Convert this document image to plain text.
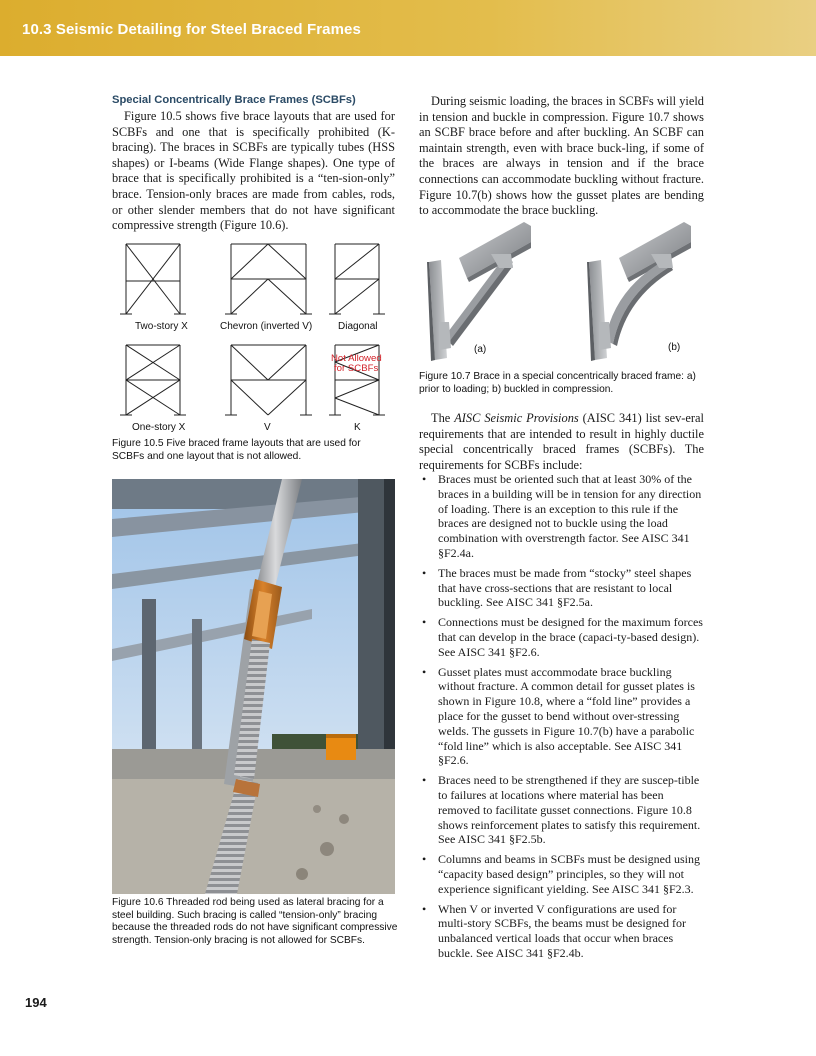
10.3 Seismic Detailing for Steel Braced Frames
Special Concentrically Brace Frames (SCBFs)

Figure 10.5 shows five brace layouts that are used for SCBFs and one that is specifically prohibited (K-bracing). The braces in SCBFs are typically tubes (HSS shapes) or I-beams (Wide Flange shapes). One type of brace that is specifically prohibited is a “ten-sion-only” brace. Tension-only braces are made from cables, rods, or other slender members that do not have significant compressive strength (Figure 10.6).

Two-story X	Chevron (inverted V)	Diagonal
One-story X	V	K
Not Allowed
for SCBFs
Figure 10.5 Five braced frame layouts that are used for SCBFs and one layout that is not allowed.
Figure 10.6 Threaded rod being used as lateral bracing for a steel building. Such bracing is called “tension-only” bracing because the threaded rods do not have significant compressive strength. Tension-only bracing is not allowed for SCBFs.

During seismic loading, the braces in SCBFs will yield in tension and buckle in compression. Figure 10.7 shows an SCBF brace before and after buckling. An SCBF can maintain strength, even with brace buck-ling, if some of the braces are always in tension and if the brace connections can accommodate buckling without fracture. Figure 10.7(b) shows how the gusset plates are bending to accommodate the brace buckling.

(a)	(b)
Figure 10.7 Brace in a special concentrically braced frame: a) prior to loading; b) buckled in compression.

The AISC Seismic Provisions (AISC 341) list sev-eral requirements that are intended to result in highly ductile special concentrically braced frames (SCBFs). The requirements for SCBFs include:

• Braces must be oriented such that at least 30% of the braces in a building will be in tension for any direction of loading. There is an exception to this rule if the braces are designed not to buckle using the load combination with overstrength factor. See AISC 341 §F2.4a.
• The braces must be made from “stocky” steel shapes that have cross-sections that are resistant to local buckling. See AISC 341 §F2.5a.
• Connections must be designed for the maximum forces that can develop in the brace (capaci-ty-based design). See AISC 341 §F2.6.
• Gusset plates must accommodate brace buckling without fracture. A common detail for gusset plates is shown in Figure 10.8, where a “fold line” provides a place for the gusset to bend without over-stressing welds. The gussets in Figure 10.7(b) have a parabolic “fold line” which is also acceptable. See AISC 341 §F2.6.
• Braces need to be strengthened if they are suscep-tible to failures at locations where material has been removed to facilitate gusset connections. Figure 10.8 shows reinforcement plates to satisfy this requirement. See AISC 341 §F2.5b.
• Columns and beams in SCBFs must be designed using “capacity based design” principles, so they will not experience significant yielding. See AISC 341 §F2.3.
• When V or inverted V configurations are used for multi-story SCBFs, the beams must be designed for unbalanced vertical loads that occur when braces buckle. See AISC 341 §F2.4b.
194
